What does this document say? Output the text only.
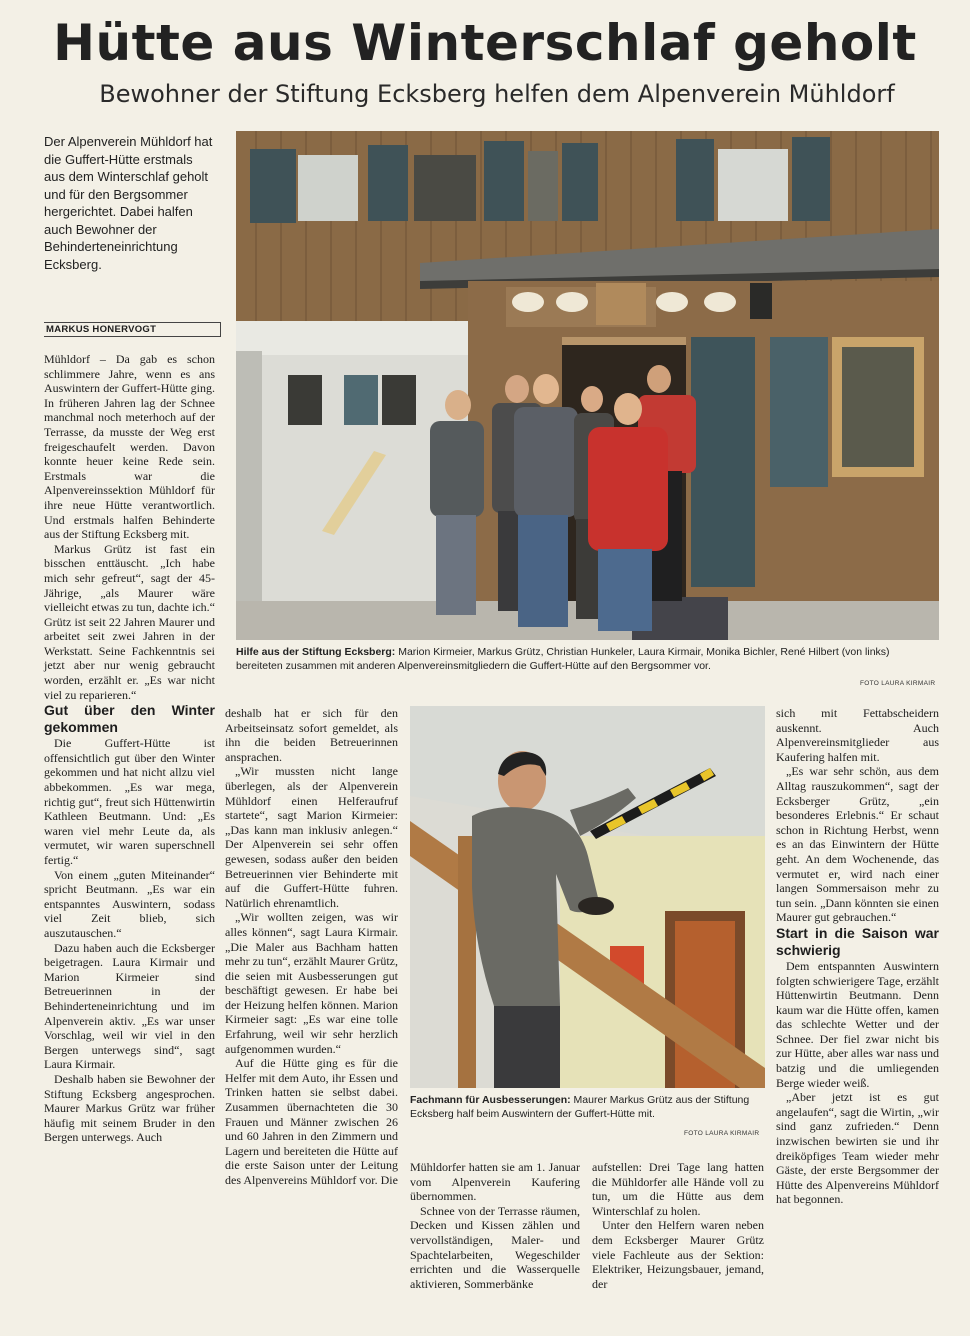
Hütte aus Winterschlaf geholt
Bewohner der Stiftung Ecksberg helfen dem Alpenverein Mühldorf
Der Alpenverein Mühldorf hat die Guffert-Hütte erstmals aus dem Winterschlaf geholt und für den Bergsommer hergerichtet. Dabei halfen auch Bewohner der Behinderteneinrichtung Ecksberg.
MARKUS HONERVOGT
Hilfe aus der Stiftung Ecksberg: Marion Kirmeier, Markus Grütz, Christian Hunkeler, Laura Kirmair, Monika Bichler, René Hilbert (von links) bereiteten zusammen mit anderen Alpenvereinsmitgliedern die Guffert-Hütte auf den Bergsommer vor.
FOTO LAURA KIRMAIR
Fachmann für Ausbesserungen: Maurer Markus Grütz aus der Stiftung Ecksberg half beim Auswintern der Guffert-Hütte mit.
FOTO LAURA KIRMAIR

Mühldorf – Da gab es schon schlimmere Jahre, wenn es ans Auswintern der Guffert-Hütte ging. In früheren Jahren lag der Schnee manchmal noch meterhoch auf der Terrasse, da musste der Weg erst freigeschaufelt werden. Davon konnte heuer keine Rede sein. Erstmals war die Alpenvereinssektion Mühldorf für ihre neue Hütte verantwortlich. Und erstmals halfen Behinderte aus der Stiftung Ecksberg mit.

Markus Grütz ist fast ein bisschen enttäuscht. „Ich habe mich sehr gefreut“, sagt der 45-Jährige, „als Maurer wäre vielleicht etwas zu tun, dachte ich.“ Grütz ist seit 22 Jahren Maurer und arbeitet seit zwei Jahren in der Werkstatt. Seine Fachkenntnis sei jetzt aber nur wenig gebraucht worden, erzählt er. „Es war nicht viel zu reparieren.“

Gut über den Winter gekommen

Die Guffert-Hütte ist offensichtlich gut über den Winter gekommen und hat nicht allzu viel abbekommen. „Es war mega, richtig gut“, freut sich Hüttenwirtin Kathleen Beutmann. Und: „Es waren viel mehr Leute da, als vermutet, wir waren superschnell fertig.“

Von einem „guten Miteinander“ spricht Beutmann. „Es war ein entspanntes Auswintern, sodass viel Zeit blieb, sich auszutauschen.“

Dazu haben auch die Ecksberger beigetragen. Laura Kirmair und Marion Kirmeier sind Betreuerinnen in der Behinderteneinrichtung und im Alpenverein aktiv. „Es war unser Vorschlag, weil wir viel in den Bergen unterwegs sind“, sagt Laura Kirmair.

Deshalb haben sie Bewohner der Stiftung Ecksberg angesprochen. Maurer Markus Grütz war früher häufig mit seinem Bruder in den Bergen unterwegs. Auch

deshalb hat er sich für den Arbeitseinsatz sofort gemeldet, als ihn die beiden Betreuerinnen ansprachen.

„Wir mussten nicht lange überlegen, als der Alpenverein Mühldorf einen Helferaufruf startete“, sagt Marion Kirmeier: „Das kann man inklusiv anlegen.“ Der Alpenverein sei sehr offen gewesen, sodass außer den beiden Betreuerinnen vier Behinderte mit auf die Guffert-Hütte fuhren. Natürlich ehrenamtlich.

„Wir wollten zeigen, was wir alles können“, sagt Laura Kirmair. „Die Maler aus Bachham hatten mehr zu tun“, erzählt Maurer Grütz, die seien mit Ausbesserungen gut beschäftigt gewesen. Er habe bei der Heizung helfen können. Marion Kirmeier sagt: „Es war eine tolle Erfahrung, weil wir sehr herzlich aufgenommen wurden.“

Auf die Hütte ging es für die Helfer mit dem Auto, ihr Essen und Trinken hatten sie selbst dabei. Zusammen übernachteten die 30 Frauen und Männer zwischen 26 und 60 Jahren in den Zimmern und Lagern und bereiteten die Hütte auf die erste Saison unter der Leitung des Alpenvereins Mühldorf vor. Die

Mühldorfer hatten sie am 1. Januar vom Alpenverein Kaufering übernommen.

Schnee von der Terrasse räumen, Decken und Kissen zählen und vervollständigen, Maler- und Spachtelarbeiten, Wegeschilder errichten und die Wasserquelle aktivieren, Sommerbänke

aufstellen: Drei Tage lang hatten die Mühldorfer alle Hände voll zu tun, um die Hütte aus dem Winterschlaf zu holen.

Unter den Helfern waren neben dem Ecksberger Maurer Grütz viele Fachleute aus der Sektion: Elektriker, Heizungsbauer, jemand, der

sich mit Fettabscheidern auskennt. Auch Alpenvereinsmitglieder aus Kaufering halfen mit.

„Es war sehr schön, aus dem Alltag rauszukommen“, sagt der Ecksberger Grütz, „ein besonderes Erlebnis.“ Er schaut schon in Richtung Herbst, wenn es an das Einwintern der Hütte geht. An dem Wochenende, das vermutet er, wird nach einer langen Sommersaison mehr zu tun sein. „Dann könnten sie einen Maurer gut gebrauchen.“

Start in die Saison war schwierig

Dem entspannten Auswintern folgten schwierigere Tage, erzählt Hüttenwirtin Beutmann. Denn kaum war die Hütte offen, kamen das schlechte Wetter und der Schnee. Der fiel zwar nicht bis zur Hütte, aber alles war nass und batzig und die umliegenden Berge wieder weiß.

„Aber jetzt ist es gut angelaufen“, sagt die Wirtin, „wir sind ganz zufrieden.“ Denn inzwischen bewirten sie und ihr dreiköpfiges Team wieder mehr Gäste, der erste Bergsommer der Hütte des Alpenvereins Mühldorf hat begonnen.
